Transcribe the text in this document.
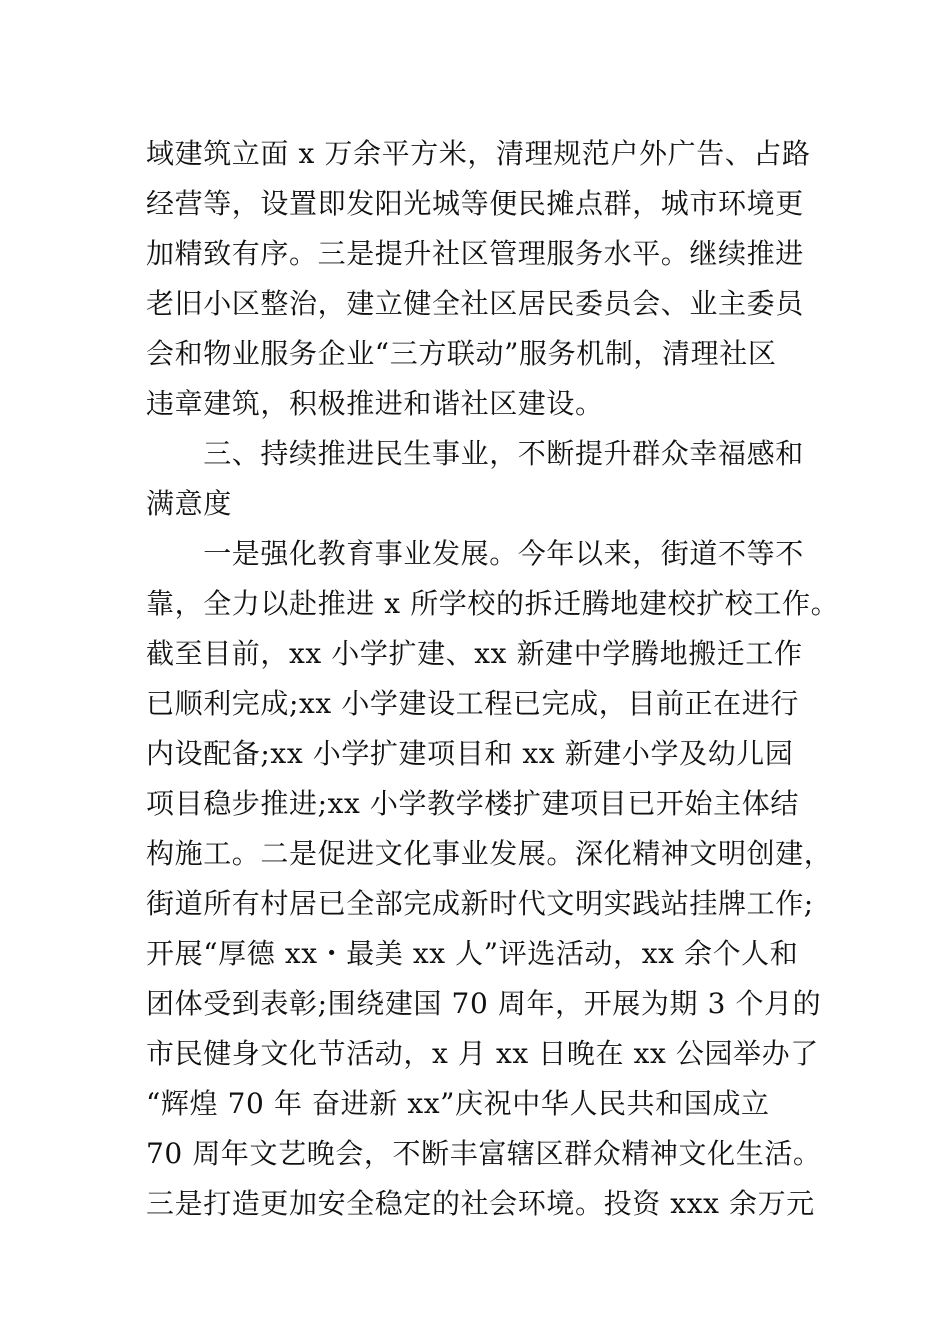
域建筑立面 x 万余平方米，清理规范户外广告、占路
经营等，设置即发阳光城等便民摊点群，城市环境更
加精致有序。三是提升社区管理服务水平。继续推进
老旧小区整治，建立健全社区居民委员会、业主委员
会和物业服务企业“三方联动”服务机制，清理社区
违章建筑，积极推进和谐社区建设。
　　三、持续推进民生事业，不断提升群众幸福感和
满意度
　　一是强化教育事业发展。今年以来，街道不等不
靠，全力以赴推进 x 所学校的拆迁腾地建校扩校工作。
截至目前，xx 小学扩建、xx 新建中学腾地搬迁工作
已顺利完成;xx 小学建设工程已完成，目前正在进行
内设配备;xx 小学扩建项目和 xx 新建小学及幼儿园
项目稳步推进;xx 小学教学楼扩建项目已开始主体结
构施工。二是促进文化事业发展。深化精神文明创建，
街道所有村居已全部完成新时代文明实践站挂牌工作;
开展“厚德 xx・最美 xx 人”评选活动，xx 余个人和
团体受到表彰;围绕建国 70 周年，开展为期 3 个月的
市民健身文化节活动，x 月 xx 日晚在 xx 公园举办了
“辉煌 70 年 奋进新 xx”庆祝中华人民共和国成立
70 周年文艺晚会，不断丰富辖区群众精神文化生活。
三是打造更加安全稳定的社会环境。投资 xxx 余万元
